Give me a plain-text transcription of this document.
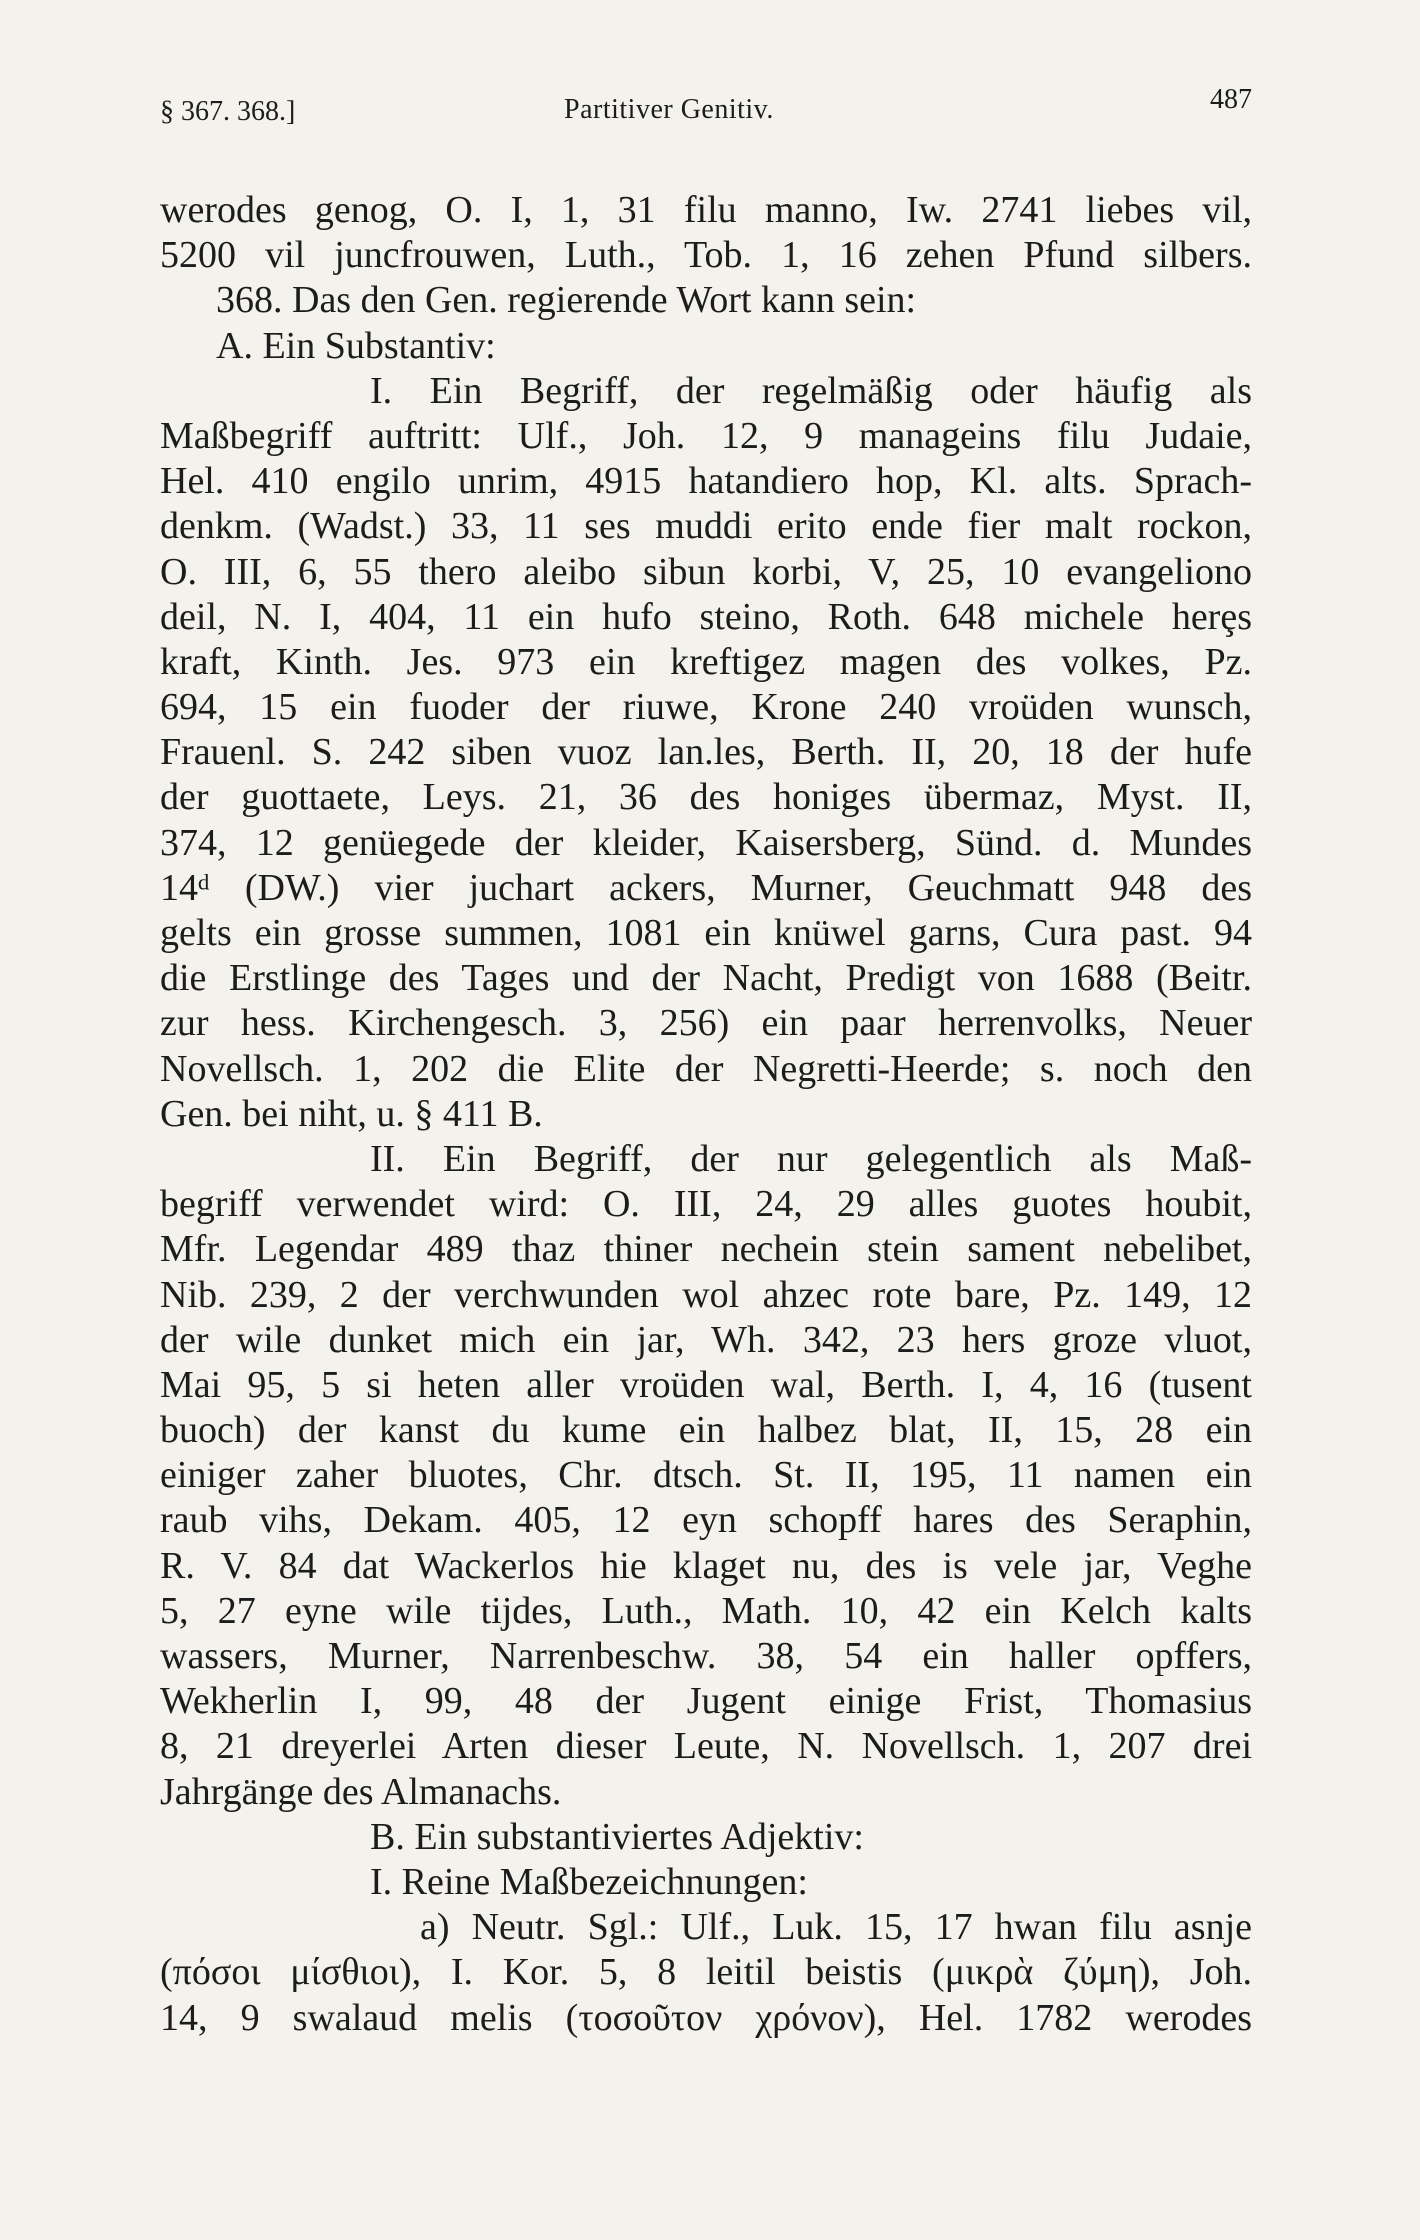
§ 367. 368.]	Partitiver Genitiv.	487
werodes genog, O. I, 1, 31 filu manno, Iw. 2741 liebes vil,
5200 vil juncfrouwen, Luth., Tob. 1, 16 zehen Pfund silbers.
368. Das den Gen. regierende Wort kann sein:
A. Ein Substantiv:
I. Ein Begriff, der regelmäßig oder häufig als
Maßbegriff auftritt: Ulf., Joh. 12, 9 manageins filu Judaie,
Hel. 410 engilo unrim, 4915 hatandiero hop, Kl. alts. Sprach-
denkm. (Wadst.) 33, 11 ses muddi erito ende fier malt rockon,
O. III, 6, 55 thero aleibo sibun korbi, V, 25, 10 evangeliono
deil, N. I, 404, 11 ein hufo steino, Roth. 648 michele herȩs
kraft, Kinth. Jes. 973 ein kreftigez magen des volkes, Pz.
694, 15 ein fuoder der riuwe, Krone 240 vroüden wunsch,
Frauenl. S. 242 siben vuoz lan.les, Berth. II, 20, 18 der hufe
der guottaete, Leys. 21, 36 des honiges übermaz, Myst. II,
374, 12 genüegede der kleider, Kaisersberg, Sünd. d. Mundes
14ᵈ (DW.) vier juchart ackers, Murner, Geuchmatt 948 des
gelts ein grosse summen, 1081 ein knüwel garns, Cura past. 94
die Erstlinge des Tages und der Nacht, Predigt von 1688 (Beitr.
zur hess. Kirchengesch. 3, 256) ein paar herrenvolks, Neuer
Novellsch. 1, 202 die Elite der Negretti-Heerde; s. noch den
Gen. bei niht, u. § 411 B.
II. Ein Begriff, der nur gelegentlich als Maß-
begriff verwendet wird: O. III, 24, 29 alles guotes houbit,
Mfr. Legendar 489 thaz thiner nechein stein sament nebelibet,
Nib. 239, 2 der verchwunden wol ahzec rote bare, Pz. 149, 12
der wile dunket mich ein jar, Wh. 342, 23 hers groze vluot,
Mai 95, 5 si heten aller vroüden wal, Berth. I, 4, 16 (tusent
buoch) der kanst du kume ein halbez blat, II, 15, 28 ein
einiger zaher bluotes, Chr. dtsch. St. II, 195, 11 namen ein
raub vihs, Dekam. 405, 12 eyn schopff hares des Seraphin,
R. V. 84 dat Wackerlos hie klaget nu, des is vele jar, Veghe
5, 27 eyne wile tijdes, Luth., Math. 10, 42 ein Kelch kalts
wassers, Murner, Narrenbeschw. 38, 54 ein haller opffers,
Wekherlin I, 99, 48 der Jugent einige Frist, Thomasius
8, 21 dreyerlei Arten dieser Leute, N. Novellsch. 1, 207 drei
Jahrgänge des Almanachs.
B. Ein substantiviertes Adjektiv:
I. Reine Maßbezeichnungen:
a) Neutr. Sgl.: Ulf., Luk. 15, 17 hwan filu asnje
(πόσοι μίσθιοι), I. Kor. 5, 8 leitil beistis (μικρὰ ζύμη), Joh.
14, 9 swalaud melis (τοσοῦτον χρόνον), Hel. 1782 werodes
